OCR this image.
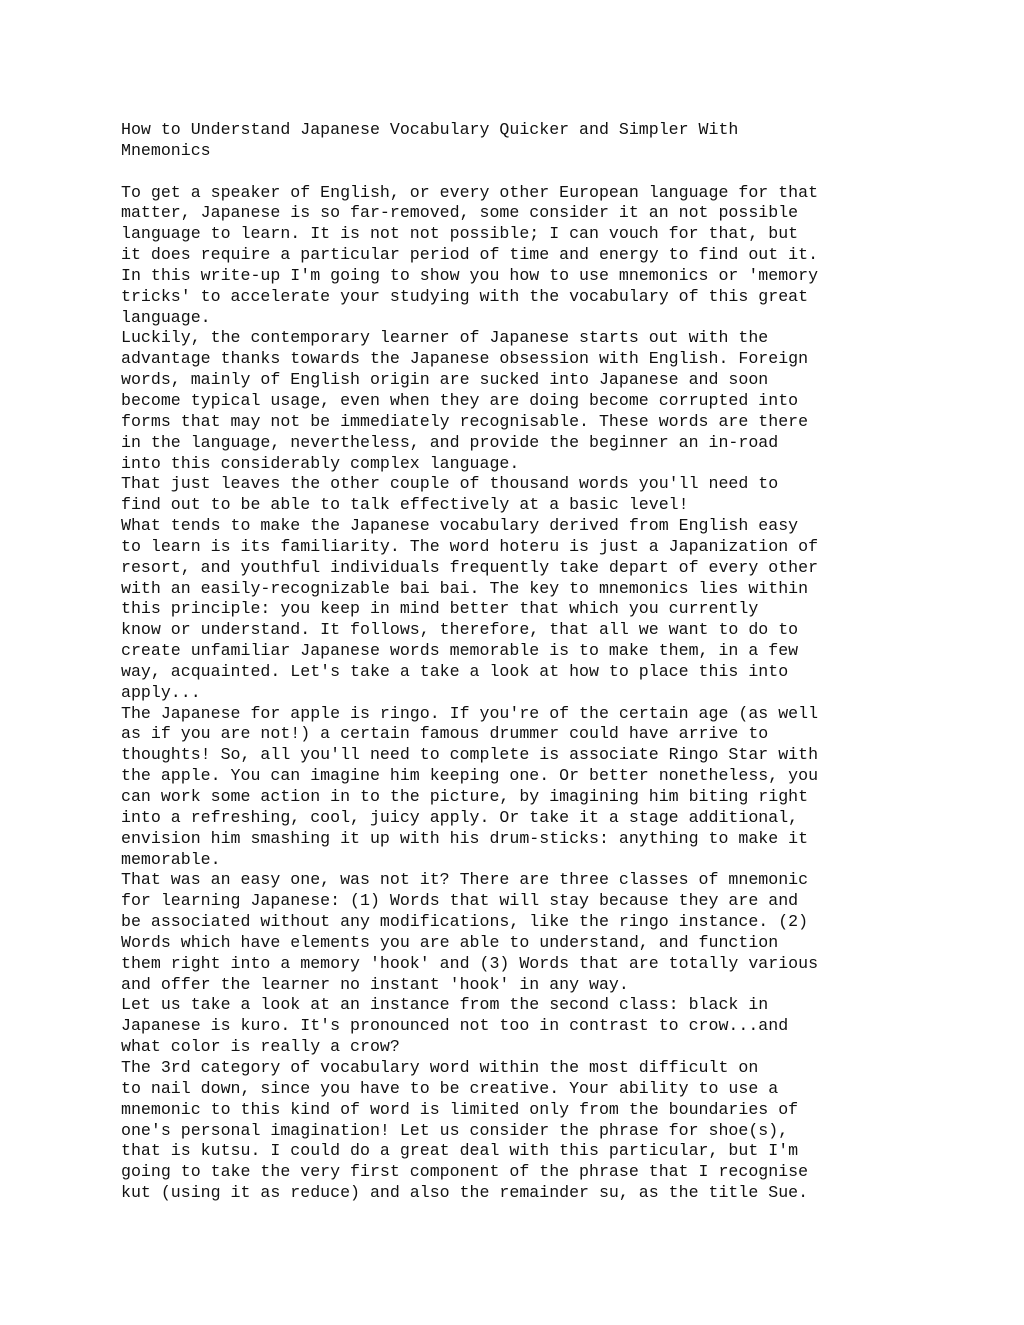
How to Understand Japanese Vocabulary Quicker and Simpler With
Mnemonics
To get a speaker of English, or every other European language for that
matter, Japanese is so far-removed, some consider it an not possible
language to learn. It is not not possible; I can vouch for that, but
it does require a particular period of time and energy to find out it.
In this write-up I'm going to show you how to use mnemonics or 'memory
tricks' to accelerate your studying with the vocabulary of this great
language.
Luckily, the contemporary learner of Japanese starts out with the
advantage thanks towards the Japanese obsession with English. Foreign
words, mainly of English origin are sucked into Japanese and soon
become typical usage, even when they are doing become corrupted into
forms that may not be immediately recognisable. These words are there
in the language, nevertheless, and provide the beginner an in-road
into this considerably complex language.
That just leaves the other couple of thousand words you'll need to
find out to be able to talk effectively at a basic level!
What tends to make the Japanese vocabulary derived from English easy
to learn is its familiarity. The word hoteru is just a Japanization of
resort, and youthful individuals frequently take depart of every other
with an easily-recognizable bai bai. The key to mnemonics lies within
this principle: you keep in mind better that which you currently
know or understand. It follows, therefore, that all we want to do to
create unfamiliar Japanese words memorable is to make them, in a few
way, acquainted. Let's take a take a look at how to place this into
apply...
The Japanese for apple is ringo. If you're of the certain age (as well
as if you are not!) a certain famous drummer could have arrive to
thoughts! So, all you'll need to complete is associate Ringo Star with
the apple. You can imagine him keeping one. Or better nonetheless, you
can work some action in to the picture, by imagining him biting right
into a refreshing, cool, juicy apply. Or take it a stage additional,
envision him smashing it up with his drum-sticks: anything to make it
memorable.
That was an easy one, was not it? There are three classes of mnemonic
for learning Japanese: (1) Words that will stay because they are and
be associated without any modifications, like the ringo instance. (2)
Words which have elements you are able to understand, and function
them right into a memory 'hook' and (3) Words that are totally various
and offer the learner no instant 'hook' in any way.
Let us take a look at an instance from the second class: black in
Japanese is kuro. It's pronounced not too in contrast to crow...and
what color is really a crow?
The 3rd category of vocabulary word within the most difficult on
to nail down, since you have to be creative. Your ability to use a
mnemonic to this kind of word is limited only from the boundaries of
one's personal imagination! Let us consider the phrase for shoe(s),
that is kutsu. I could do a great deal with this particular, but I'm
going to take the very first component of the phrase that I recognise
kut (using it as reduce) and also the remainder su, as the title Sue.
